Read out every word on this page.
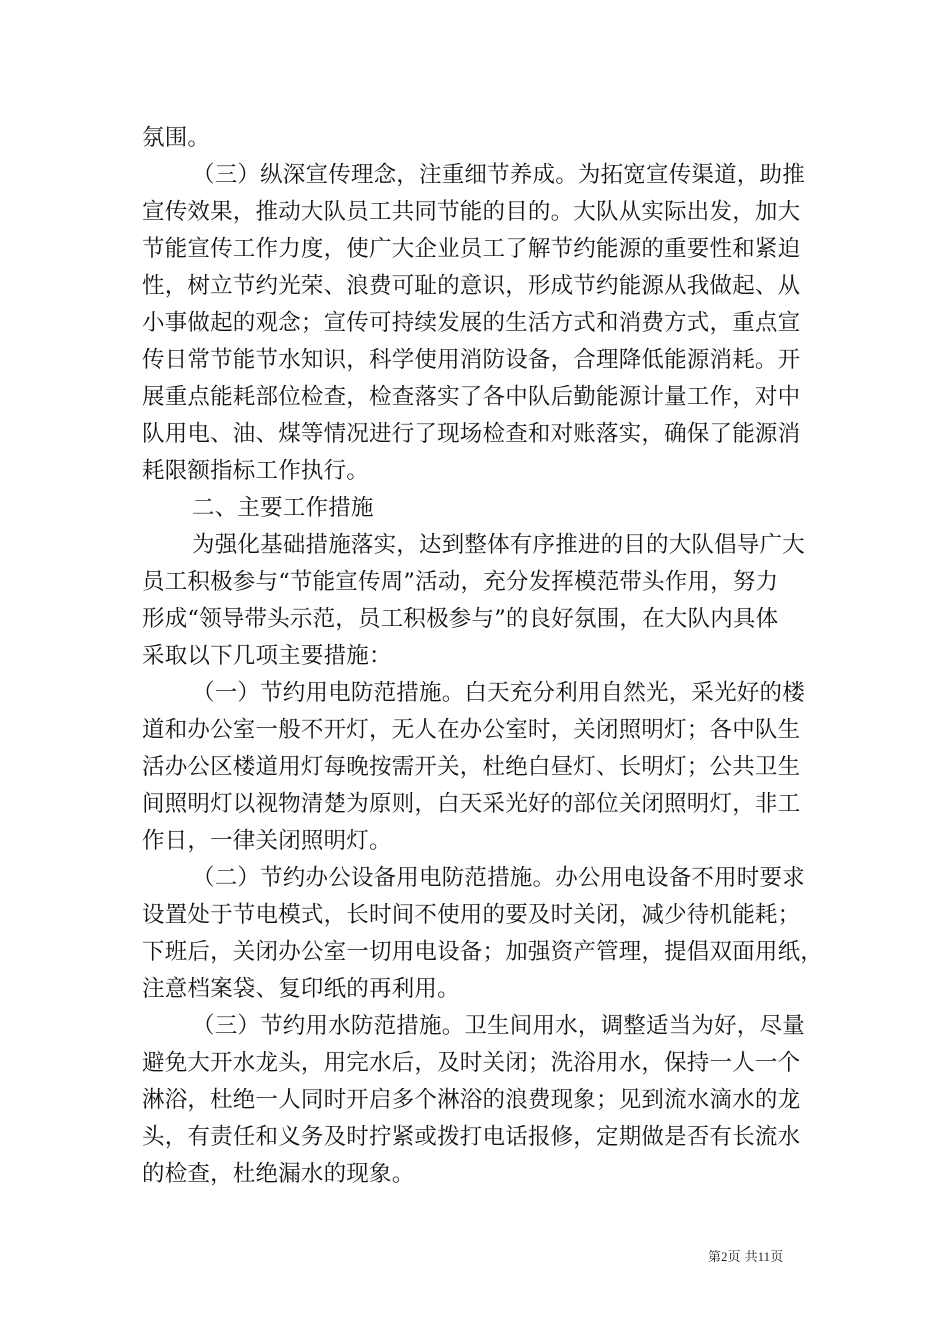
氛围。
（三）纵深宣传理念，注重细节养成。为拓宽宣传渠道，助推
宣传效果，推动大队员工共同节能的目的。大队从实际出发，加大
节能宣传工作力度，使广大企业员工了解节约能源的重要性和紧迫
性，树立节约光荣、浪费可耻的意识，形成节约能源从我做起、从
小事做起的观念；宣传可持续发展的生活方式和消费方式，重点宣
传日常节能节水知识，科学使用消防设备，合理降低能源消耗。开
展重点能耗部位检查，检查落实了各中队后勤能源计量工作，对中
队用电、油、煤等情况进行了现场检查和对账落实，确保了能源消
耗限额指标工作执行。
二、主要工作措施
为强化基础措施落实，达到整体有序推进的目的大队倡导广大
员工积极参与“节能宣传周”活动，充分发挥模范带头作用，努力
形成“领导带头示范，员工积极参与”的良好氛围，在大队内具体
采取以下几项主要措施：
（一）节约用电防范措施。白天充分利用自然光，采光好的楼
道和办公室一般不开灯，无人在办公室时，关闭照明灯；各中队生
活办公区楼道用灯每晚按需开关，杜绝白昼灯、长明灯；公共卫生
间照明灯以视物清楚为原则，白天采光好的部位关闭照明灯，非工
作日，一律关闭照明灯。
（二）节约办公设备用电防范措施。办公用电设备不用时要求
设置处于节电模式，长时间不使用的要及时关闭，减少待机能耗；
下班后，关闭办公室一切用电设备；加强资产管理，提倡双面用纸，
注意档案袋、复印纸的再利用。
（三）节约用水防范措施。卫生间用水，调整适当为好，尽量
避免大开水龙头，用完水后，及时关闭；洗浴用水，保持一人一个
淋浴，杜绝一人同时开启多个淋浴的浪费现象；见到流水滴水的龙
头，有责任和义务及时拧紧或拨打电话报修，定期做是否有长流水
的检查，杜绝漏水的现象。
第2页 共11页
